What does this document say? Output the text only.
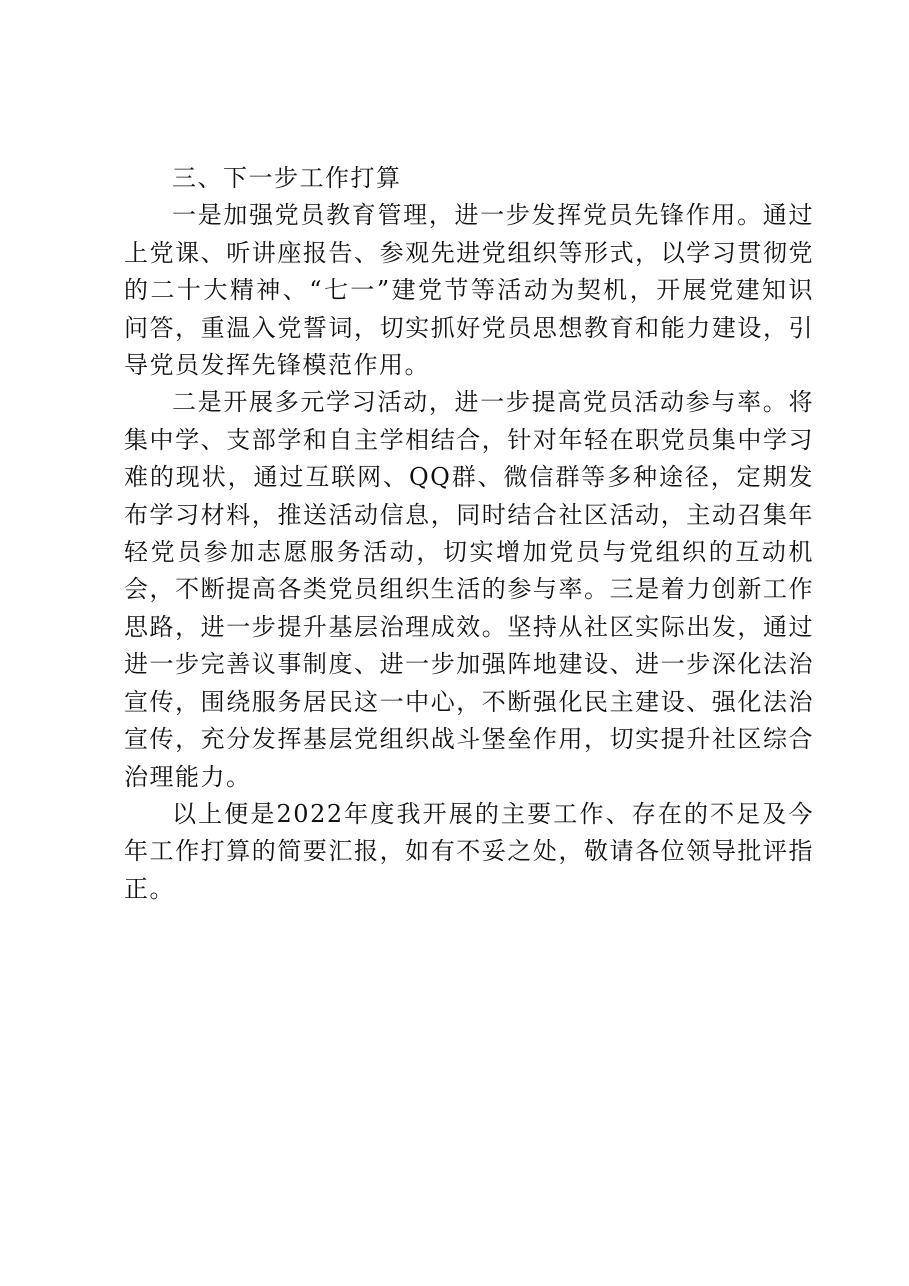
三、下一步工作打算

一是加强党员教育管理，进一步发挥党员先锋作用。通过上党课、听讲座报告、参观先进党组织等形式，以学习贯彻党的二十大精神、“七一”建党节等活动为契机，开展党建知识问答，重温入党誓词，切实抓好党员思想教育和能力建设，引导党员发挥先锋模范作用。

二是开展多元学习活动，进一步提高党员活动参与率。将集中学、支部学和自主学相结合，针对年轻在职党员集中学习难的现状，通过互联网、QQ群、微信群等多种途径，定期发布学习材料，推送活动信息，同时结合社区活动，主动召集年轻党员参加志愿服务活动，切实增加党员与党组织的互动机会，不断提高各类党员组织生活的参与率。三是着力创新工作思路，进一步提升基层治理成效。坚持从社区实际出发，通过进一步完善议事制度、进一步加强阵地建设、进一步深化法治宣传，围绕服务居民这一中心，不断强化民主建设、强化法治宣传，充分发挥基层党组织战斗堡垒作用，切实提升社区综合治理能力。

以上便是2022年度我开展的主要工作、存在的不足及今年工作打算的简要汇报，如有不妥之处，敬请各位领导批评指正。
